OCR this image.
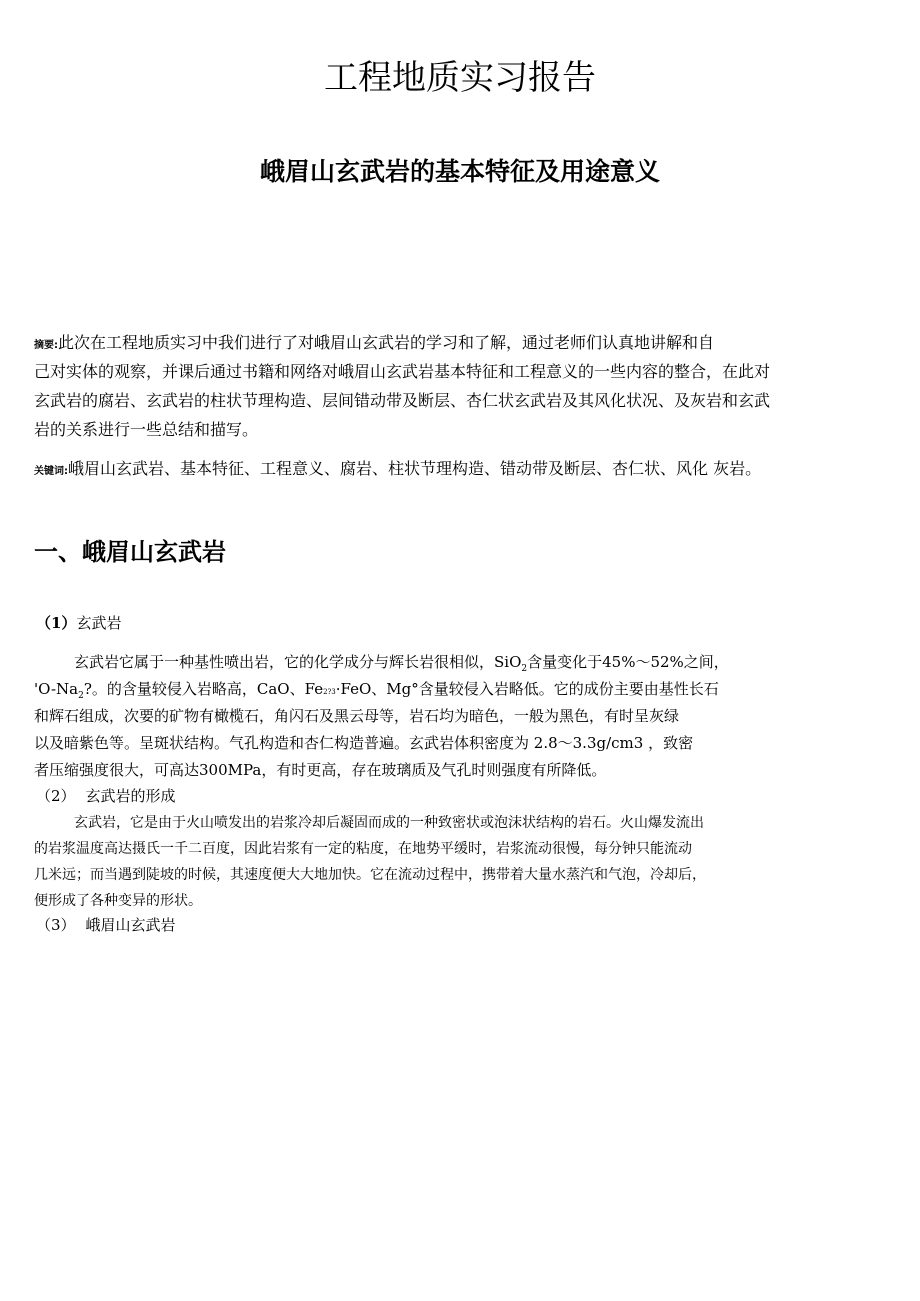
工程地质实习报告
峨眉山玄武岩的基本特征及用途意义
摘要:此次在工程地质实习中我们进行了对峨眉山玄武岩的学习和了解，通过老师们认真地讲解和自
己对实体的观察，并课后通过书籍和网络对峨眉山玄武岩基本特征和工程意义的一些内容的整合，在此对
玄武岩的腐岩、玄武岩的柱状节理构造、层间错动带及断层、杏仁状玄武岩及其风化状况、及灰岩和玄武
岩的关系进行一些总结和描写。
关键词:峨眉山玄武岩、基本特征、工程意义、腐岩、柱状节理构造、错动带及断层、杏仁状、风化 灰岩。
一、峨眉山玄武岩
（1）玄武岩
玄武岩它属于一种基性喷出岩，它的化学成分与辉长岩很相似，SiO$_2$含量变化于45%～52%之间，
'$O-Na_2$?。的含量较侵入岩略高，CaO、Fe2?3·FeO、Mg°含量较侵入岩略低。它的成份主要由基性长石
和辉石组成，次要的矿物有橄榄石，角闪石及黑云母等，岩石均为暗色，一般为黑色，有时呈灰绿
以及暗紫色等。呈斑状结构。气孔构造和杏仁构造普遍。玄武岩体积密度为 2.8～3.3g/cm3 ，致密
者压缩强度很大，可高达300MPa，有时更高，存在玻璃质及气孔时则强度有所降低。
（2） 玄武岩的形成
玄武岩，它是由于火山喷发出的岩浆冷却后凝固而成的一种致密状或泡沫状结构的岩石。火山爆发流出
的岩浆温度高达摄氏一千二百度，因此岩浆有一定的粘度，在地势平缓时，岩浆流动很慢，每分钟只能流动
几米远；而当遇到陡坡的时候，其速度便大大地加快。它在流动过程中，携带着大量水蒸汽和气泡，冷却后，
便形成了各种变异的形状。
（3） 峨眉山玄武岩
